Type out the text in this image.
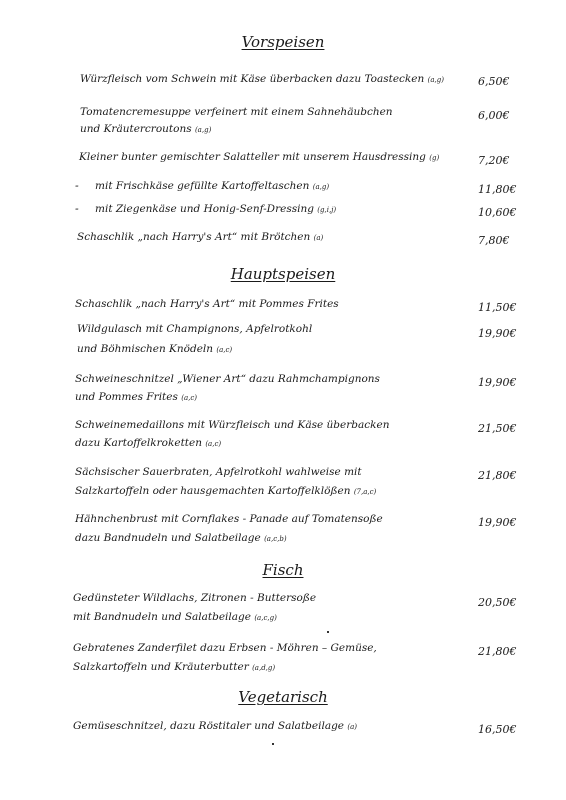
Vorspeisen
Würzfleisch vom Schwein mit Käse überbacken dazu Toastecken (a,g)	6,50€
Tomatencremesuppe verfeinert mit einem Sahnehäubchen
und Kräutercroutons (a,g)
6,00€
Kleiner bunter gemischter Salatteller mit unserem Hausdressing (g)	7,20€
- mit Frischkäse gefüllte Kartoffeltaschen (a,g)	11,80€
- mit Ziegenkäse und Honig-Senf-Dressing (g,i,j)	10,60€
Schaschlik „nach Harry's Art“ mit Brötchen (a)	7,80€
Hauptspeisen
Schaschlik „nach Harry's Art“ mit Pommes Frites	11,50€
Wildgulasch mit Champignons, Apfelrotkohl
und Böhmischen Knödeln (a,c)
19,90€
Schweineschnitzel „Wiener Art“ dazu Rahmchampignons
und Pommes Frites (a,c)
19,90€
Schweinemedaillons mit Würzfleisch und Käse überbacken
dazu Kartoffelkroketten (a,c)
21,50€
Sächsischer Sauerbraten, Apfelrotkohl wahlweise mit
Salzkartoffeln oder hausgemachten Kartoffelklößen (7,a,c)
21,80€
Hähnchenbrust mit Cornflakes - Panade auf Tomatensoße
dazu Bandnudeln und Salatbeilage (a,c,b)
19,90€
Fisch
Gedünsteter Wildlachs, Zitronen - Buttersoße
mit Bandnudeln und Salatbeilage (a,c,g)
20,50€
Gebratenes Zanderfilet dazu Erbsen - Möhren – Gemüse,
Salzkartoffeln und Kräuterbutter (a,d,g)
21,80€
Vegetarisch
Gemüseschnitzel, dazu Röstitaler und Salatbeilage (a)	16,50€
